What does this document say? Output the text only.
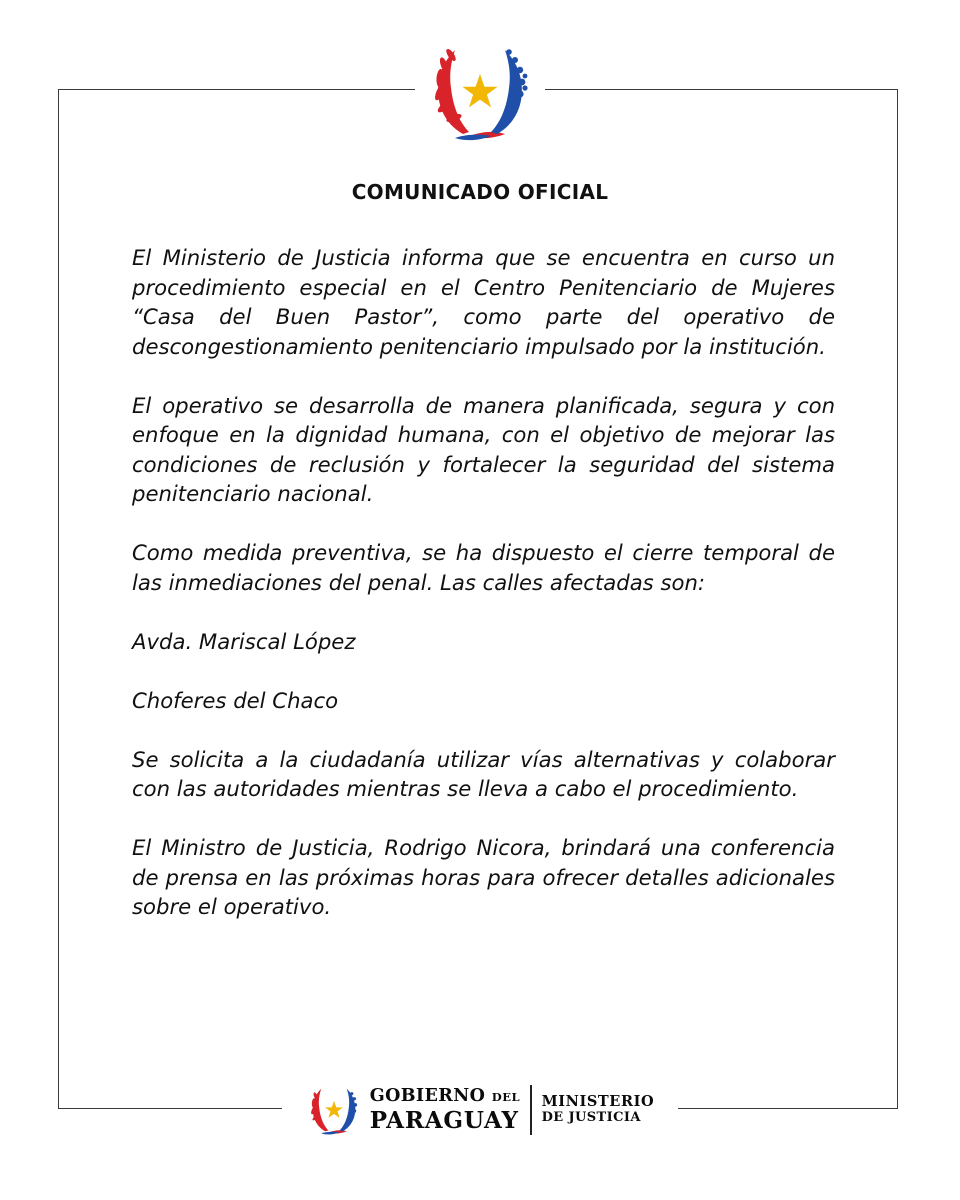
COMUNICADO OFICIAL

El Ministerio de Justicia informa que se encuentra en curso un procedimiento especial en el Centro Penitenciario de Mujeres “Casa del Buen Pastor”, como parte del operativo de descongestionamiento penitenciario impulsado por la institución.

El operativo se desarrolla de manera planificada, segura y con enfoque en la dignidad humana, con el objetivo de mejorar las condiciones de reclusión y fortalecer la seguridad del sistema penitenciario nacional.

Como medida preventiva, se ha dispuesto el cierre temporal de las inmediaciones del penal. Las calles afectadas son:

Avda. Mariscal López

Choferes del Chaco

Se solicita a la ciudadanía utilizar vías alternativas y colaborar con las autoridades mientras se lleva a cabo el procedimiento.

El Ministro de Justicia, Rodrigo Nicora, brindará una conferencia de prensa en las próximas horas para ofrecer detalles adicionales sobre el operativo.

GOBIERNO DEL
PARAGUAY
MINISTERIO
DE JUSTICIA
